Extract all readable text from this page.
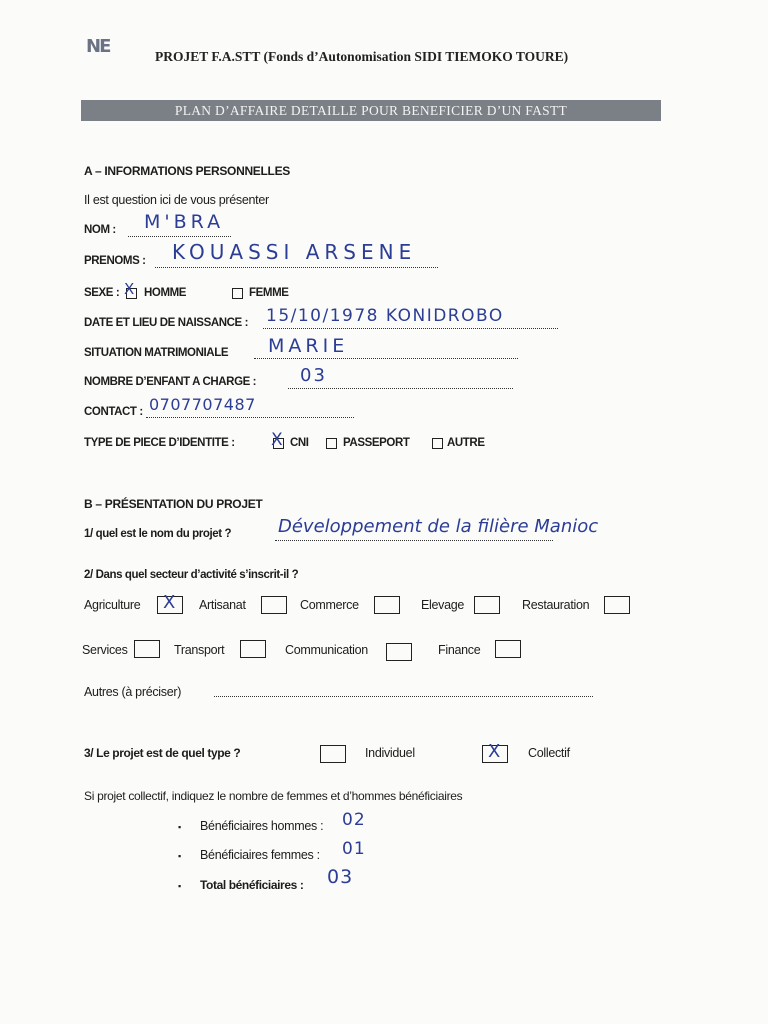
NE	PROJET F.A.STT (Fonds d’Autonomisation SIDI TIEMOKO TOURE)
PLAN D’AFFAIRE DETAILLE POUR BENEFICIER D’UN FASTT
A – INFORMATIONS PERSONNELLES
Il est question ici de vous présenter
NOM : M'BRA
PRENOMS : KOUASSI ARSENE
SEXE : X HOMME	FEMME
DATE ET LIEU DE NAISSANCE : 15/10/1978 KONIDROBO
SITUATION MATRIMONIALE MARIE
NOMBRE D’ENFANT A CHARGE : 03
CONTACT : 0707707487
TYPE DE PIECE D’IDENTITE : X CNI	PASSEPORT	AUTRE
B – PRÉSENTATION DU PROJET
1/ quel est le nom du projet ?	Développement de la filière Manioc
2/ Dans quel secteur d’activité s’inscrit-il ?
Agriculture X Artisanat	Commerce	Elevage	Restauration
Services	Transport	Communication	Finance
Autres (à préciser)
3/ Le projet est de quel type ?	Individuel	X Collectif
Si projet collectif, indiquez le nombre de femmes et d’hommes bénéficiaires
▪ Bénéficiaires hommes : 02
▪ Bénéficiaires femmes : 01
▪ Total bénéficiaires : 03
